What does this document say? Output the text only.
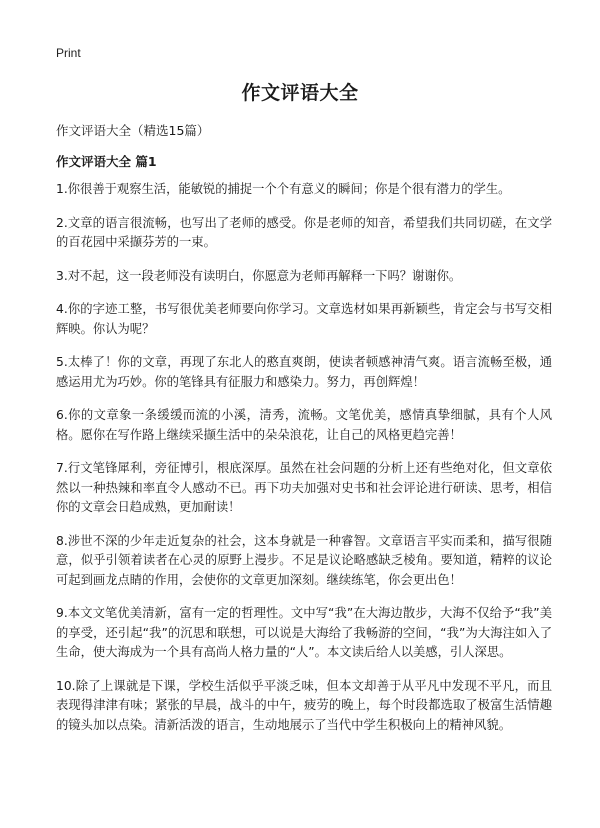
Print
作文评语大全

作文评语大全（精选15篇）

作文评语大全 篇1
1.你很善于观察生活，能敏锐的捕捉一个个有意义的瞬间；你是个很有潜力的学生。
2.文章的语言很流畅，也写出了老师的感受。你是老师的知音，希望我们共同切磋，在文学的百花园中采撷芬芳的一束。
3.对不起，这一段老师没有读明白，你愿意为老师再解释一下吗？谢谢你。
4.你的字迹工整，书写很优美老师要向你学习。文章选材如果再新颖些，肯定会与书写交相辉映。你认为呢？
5.太棒了！你的文章，再现了东北人的憨直爽朗，使读者顿感神清气爽。语言流畅至极，通感运用尤为巧妙。你的笔锋具有征服力和感染力。努力，再创辉煌！
6.你的文章象一条缓缓而流的小溪，清秀，流畅。文笔优美，感情真挚细腻，具有个人风格。愿你在写作路上继续采撷生活中的朵朵浪花，让自己的风格更趋完善！
7.行文笔锋犀利，旁征博引，根底深厚。虽然在社会问题的分析上还有些绝对化，但文章依然以一种热辣和率直令人感动不已。再下功夫加强对史书和社会评论进行研读、思考，相信你的文章会日趋成熟，更加耐读！
8.涉世不深的少年走近复杂的社会，这本身就是一种睿智。文章语言平实而柔和，描写很随意，似乎引领着读者在心灵的原野上漫步。不足是议论略感缺乏棱角。要知道，精粹的议论可起到画龙点睛的作用，会使你的文章更加深刻。继续练笔，你会更出色！
9.本文文笔优美清新，富有一定的哲理性。文中写“我”在大海边散步，大海不仅给予“我”美的享受，还引起“我”的沉思和联想，可以说是大海给了我畅游的空间，“我”为大海注如入了生命，使大海成为一个具有高尚人格力量的“人”。本文读后给人以美感，引人深思。
10.除了上课就是下课，学校生活似乎平淡乏味，但本文却善于从平凡中发现不平凡，而且表现得津津有味；紧张的早晨，战斗的中午，疲劳的晚上，每个时段都选取了极富生活情趣的镜头加以点染。清新活泼的语言，生动地展示了当代中学生积极向上的精神风貌。
